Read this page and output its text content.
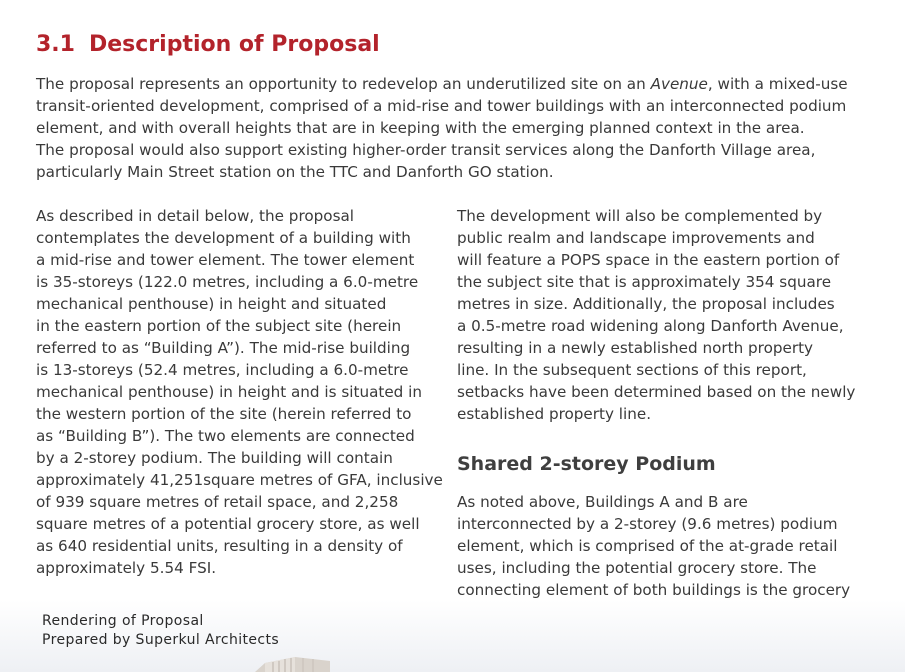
3.1 Description of Proposal

The proposal represents an opportunity to redevelop an underutilized site on an Avenue, with a mixed-use

transit-oriented development, comprised of a mid-rise and tower buildings with an interconnected podium

element, and with overall heights that are in keeping with the emerging planned context in the area.

The proposal would also support existing higher-order transit services along the Danforth Village area,

particularly Main Street station on the TTC and Danforth GO station.

As described in detail below, the proposal

contemplates the development of a building with

a mid-rise and tower element. The tower element

is 35-storeys (122.0 metres, including a 6.0-metre

mechanical penthouse) in height and situated

in the eastern portion of the subject site (herein

referred to as “Building A”). The mid-rise building

is 13-storeys (52.4 metres, including a 6.0-metre

mechanical penthouse) in height and is situated in

the western portion of the site (herein referred to

as “Building B”). The two elements are connected

by a 2-storey podium. The building will contain

approximately 41,251square metres of GFA, inclusive

of 939 square metres of retail space, and 2,258

square metres of a potential grocery store, as well

as 640 residential units, resulting in a density of

approximately 5.54 FSI.

The development will also be complemented by

public realm and landscape improvements and

will feature a POPS space in the eastern portion of

the subject site that is approximately 354 square

metres in size. Additionally, the proposal includes

a 0.5-metre road widening along Danforth Avenue,

resulting in a newly established north property

line. In the subsequent sections of this report,

setbacks have been determined based on the newly

established property line.

Shared 2-storey Podium

As noted above, Buildings A and B are

interconnected by a 2-storey (9.6 metres) podium

element, which is comprised of the at-grade retail

uses, including the potential grocery store. The

connecting element of both buildings is the grocery

Rendering of Proposal
Prepared by Superkul Architects
